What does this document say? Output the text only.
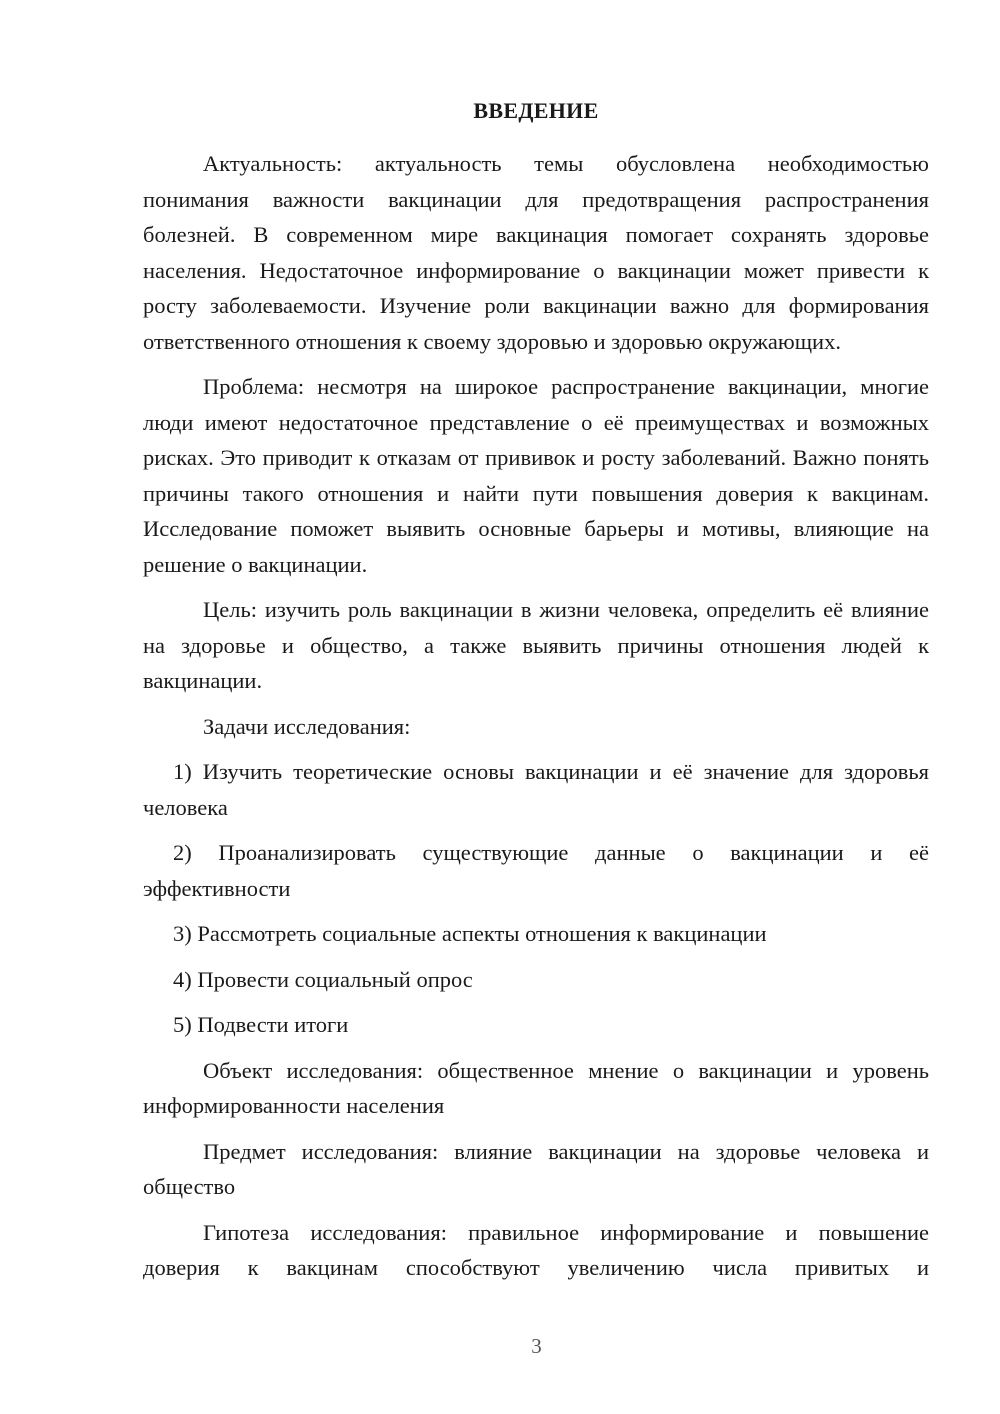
ВВЕДЕНИЕ

Актуальность: актуальность темы обусловлена необходимостью понимания важности вакцинации для предотвращения распространения болезней. В современном мире вакцинация помогает сохранять здоровье населения. Недостаточное информирование о вакцинации может привести к росту заболеваемости. Изучение роли вакцинации важно для формирования ответственного отношения к своему здоровью и здоровью окружающих.

Проблема: несмотря на широкое распространение вакцинации, многие люди имеют недостаточное представление о её преимуществах и возможных рисках. Это приводит к отказам от прививок и росту заболеваний. Важно понять причины такого отношения и найти пути повышения доверия к вакцинам. Исследование поможет выявить основные барьеры и мотивы, влияющие на решение о вакцинации.

Цель: изучить роль вакцинации в жизни человека, определить её влияние на здоровье и общество, а также выявить причины отношения людей к вакцинации.

Задачи исследования:

1) Изучить теоретические основы вакцинации и её значение для здоровья человека

2) Проанализировать существующие данные о вакцинации и её эффективности

3) Рассмотреть социальные аспекты отношения к вакцинации

4) Провести социальный опрос

5) Подвести итоги

Объект исследования: общественное мнение о вакцинации и уровень информированности населения

Предмет исследования: влияние вакцинации на здоровье человека и общество

Гипотеза исследования: правильное информирование и повышение доверия к вакцинам способствуют увеличению числа привитых и

3
